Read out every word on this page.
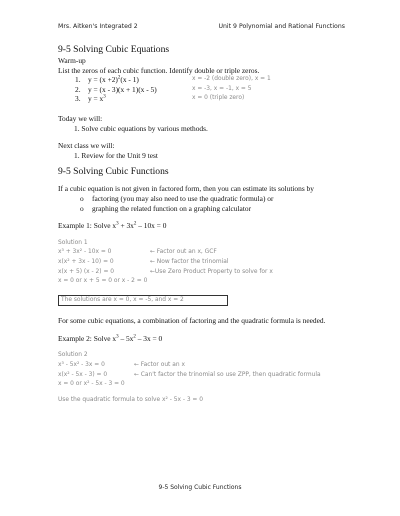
Mrs. Aitken's Integrated 2	Unit 9 Polynomial and Rational Functions
9-5 Solving Cubic Equations
Warm-up
List the zeros of each cubic function. Identify double or triple zeros.
1.	$y = (x +2)^2(x - 1)$	x = -2 (double zero), x = 1
2.	y = (x - 3)(x + 1)(x - 5)	x = -3, x = -1, x = 5
3.	$y = x^3$	x = 0 (triple zero)
Today we will:
1. Solve cubic equations by various methods.
Next class we will:
1. Review for the Unit 9 test
9-5 Solving Cubic Functions
If a cubic equation is not given in factored form, then you can estimate its solutions by
o	factoring (you may also need to use the quadratic formula) or
o	graphing the related function on a graphing calculator
Example 1: Solve $x^3 + 3x^2 - 10x = 0$
Solution 1
x³ + 3x² - 10x = 0	← Factor out an x, GCF
x(x² + 3x - 10) = 0	← Now factor the trinomial
x(x + 5) (x - 2) = 0	←Use Zero Product Property to solve for x
x = 0 or x + 5 = 0 or x - 2 = 0
The solutions are x = 0, x = -5, and x = 2
For some cubic equations, a combination of factoring and the quadratic formula is needed.
Example 2: Solve $x^3 - 5x^2 - 3x = 0$
Solution 2
x³ - 5x² - 3x = 0	← Factor out an x
x(x² - 5x - 3) = 0	← Can't factor the trinomial so use ZPP, then quadratic formula
x = 0 or x² - 5x - 3 = 0
Use the quadratic formula to solve x² - 5x - 3 = 0
9-5 Solving Cubic Functions
